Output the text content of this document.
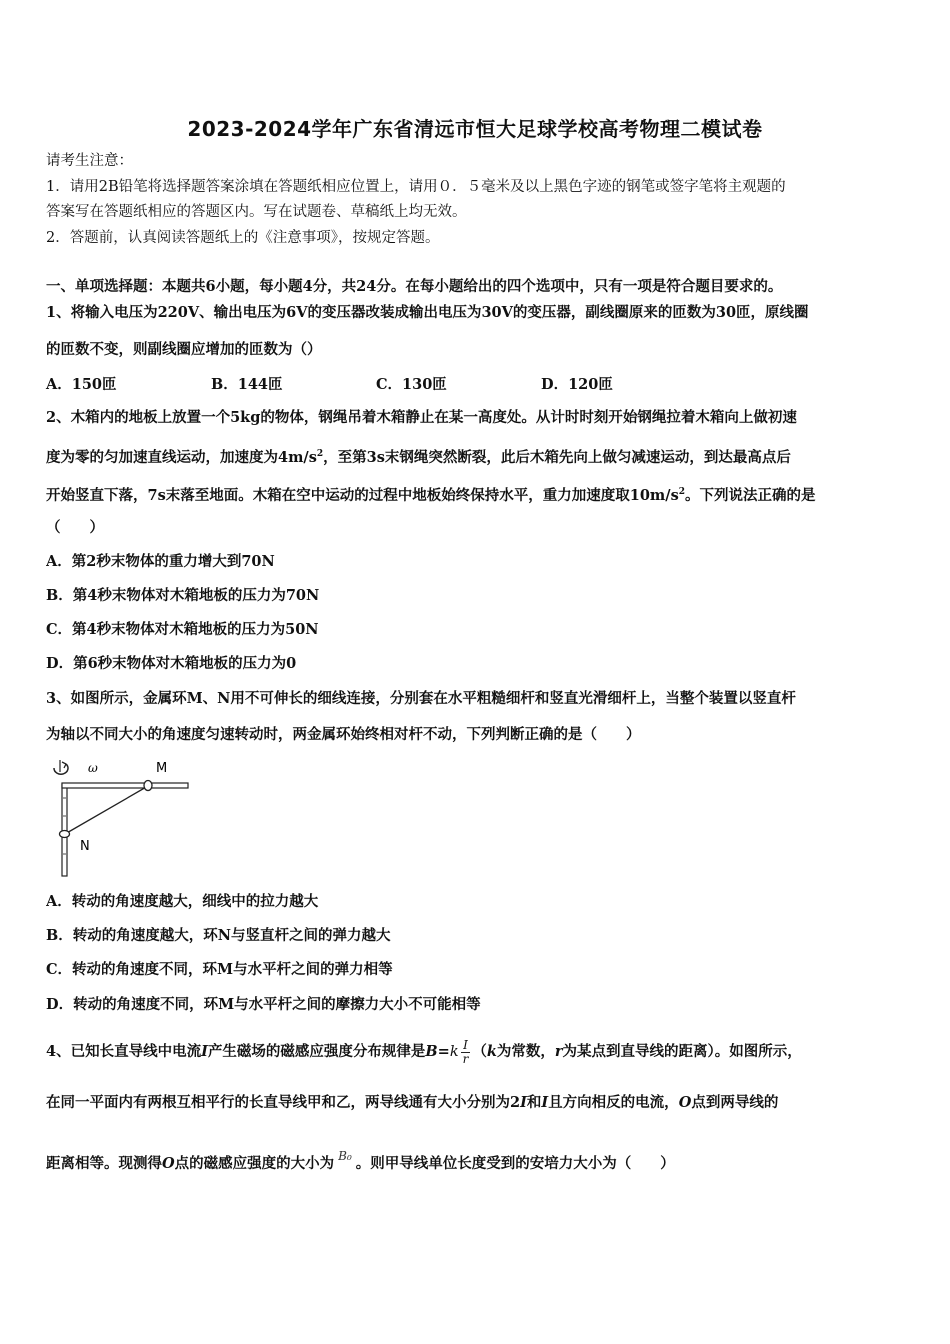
2023-2024学年广东省清远市恒大足球学校高考物理二模试卷
请考生注意：
1．请用2B铅笔将选择题答案涂填在答题纸相应位置上，请用０．５毫米及以上黑色字迹的钢笔或签字笔将主观题的
答案写在答题纸相应的答题区内。写在试题卷、草稿纸上均无效。
2．答题前，认真阅读答题纸上的《注意事项》，按规定答题。
一、单项选择题：本题共6小题，每小题4分，共24分。在每小题给出的四个选项中，只有一项是符合题目要求的。
1、将输入电压为220V、输出电压为6V的变压器改装成输出电压为30V的变压器，副线圈原来的匝数为30匝，原线圈
的匝数不变，则副线圈应增加的匝数为（）
A．150匝	B．144匝	C．130匝	D．120匝
2、木箱内的地板上放置一个5kg的物体，钢绳吊着木箱静止在某一高度处。从计时时刻开始钢绳拉着木箱向上做初速
度为零的匀加速直线运动，加速度为$4m/s^2$，至第3s末钢绳突然断裂，此后木箱先向上做匀减速运动，到达最高点后
开始竖直下落，7s末落至地面。木箱在空中运动的过程中地板始终保持水平，重力加速度取$10m/s^2$。下列说法正确的是
（　　）
A．第2秒末物体的重力增大到70N
B．第4秒末物体对木箱地板的压力为70N
C．第4秒末物体对木箱地板的压力为50N
D．第6秒末物体对木箱地板的压力为0
3、如图所示，金属环M、N用不可伸长的细线连接，分别套在水平粗糙细杆和竖直光滑细杆上，当整个装置以竖直杆
为轴以不同大小的角速度匀速转动时，两金属环始终相对杆不动，下列判断正确的是（　　）
ω	M
N
A．转动的角速度越大，细线中的拉力越大
B．转动的角速度越大，环N与竖直杆之间的弹力越大
C．转动的角速度不同，环M与水平杆之间的弹力相等
D．转动的角速度不同，环M与水平杆之间的摩擦力大小不可能相等
4、已知长直导线中电流I产生磁场的磁感应强度分布规律是$B=k \frac{I}{r} (k$为常数，r为某点到直导线的距离）。如图所示，
在同一平面内有两根互相平行的长直导线甲和乙，两导线通有大小分别为2I和I且方向相反的电流，O点到两导线的
距离相等。现测得O点的磁感应强度的大小为 B₀ 。则甲导线单位长度受到的安培力大小为（　　）
